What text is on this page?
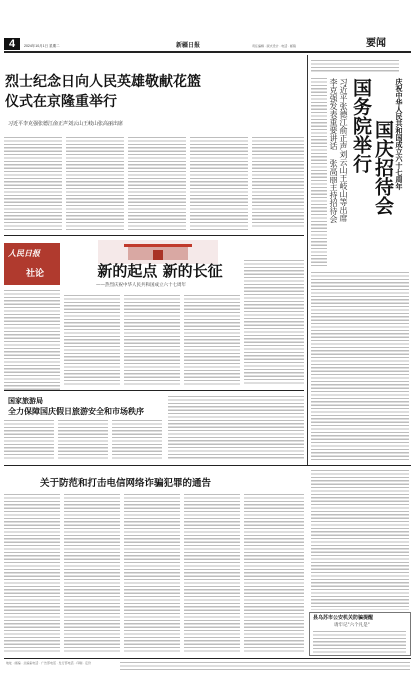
4	2024年10月1日 星期二	新疆日报	责任编辑 · 版式设计 · 电话 · 邮箱	要闻
烈士纪念日向人民英雄敬献花篮
仪式在京隆重举行
习近平李克强张德江俞正声刘云山王岐山张高丽出席	庆祝中华人民共和国成立六十七周年
国庆招待会
国务院举行
习近平张德江俞正声刘云山王岐山等出席
李克强发表重要讲话 张高丽主持招待会
人民日报
社论	新的起点 新的长征
——热烈庆祝中华人民共和国成立六十七周年
国家旅游局
全力保障国庆假日旅游安全和市场秩序
关于防范和打击电信网络诈骗犯罪的通告
县乌苏市公安机关防骗提醒
请牢记"六个凡是"
地址 · 邮编 · 总编室电话 · 广告部电话 · 发行部电话 · 印刷 · 定价
